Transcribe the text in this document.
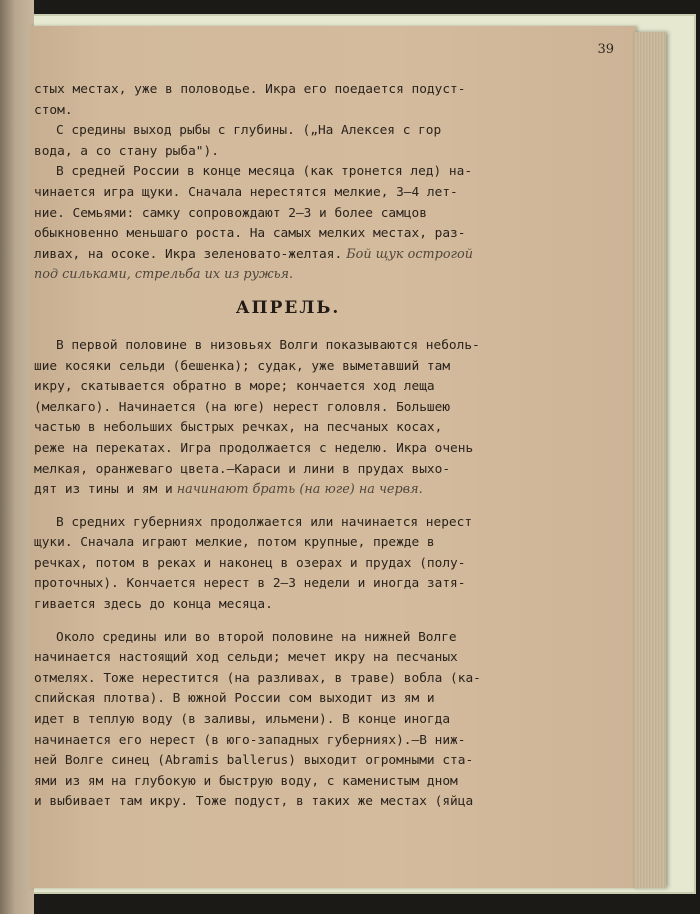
39
стых местах, уже в половодье. Икра его поедается подуст-
стом.
С средины выход рыбы с глубины. („На Алексея с гор
вода, а со стану рыба").
В средней России в конце месяца (как тронется лед) на-
чинается игра щуки. Сначала нерестятся мелкие, 3—4 лет-
ние. Семьями: самку сопровождают 2—3 и более самцов
обыкновенно меньшаго роста. На самых мелких местах, раз-
ливах, на осоке. Икра зеленовато-желтая. Бой щук острогой
под сильками, стрельба их из ружья.
АПРЕЛЬ.
В первой половине в низовьях Волги показываются неболь-
шие косяки сельди (бешенка); судак, уже выметавший там
икру, скатывается обратно в море; кончается ход леща
(мелкаго). Начинается (на юге) нерест головля. Большею
частью в небольших быстрых речках, на песчаных косах,
реже на перекатах. Игра продолжается с неделю. Икра очень
мелкая, оранжеваго цвета.—Караси и лини в прудах выхо-
дят из тины и ям и начинают брать (на юге) на червя.
В средних губерниях продолжается или начинается нерест
щуки. Сначала играют мелкие, потом крупные, прежде в
речках, потом в реках и наконец в озерах и прудах (полу-
проточных). Кончается нерест в 2—3 недели и иногда затя-
гивается здесь до конца месяца.
Около средины или во второй половине на нижней Волге
начинается настоящий ход сельди; мечет икру на песчаных
отмелях. Тоже нерестится (на разливах, в траве) вобла (ка-
спийская плотва). В южной России сом выходит из ям и
идет в теплую воду (в заливы, ильмени). В конце иногда
начинается его нерест (в юго-западных губерниях).—В ниж-
ней Волге синец (Abramis ballerus) выходит огромными ста-
ями из ям на глубокую и быструю воду, с каменистым дном
и выбивает там икру. Тоже подуст, в таких же местах (яйца
